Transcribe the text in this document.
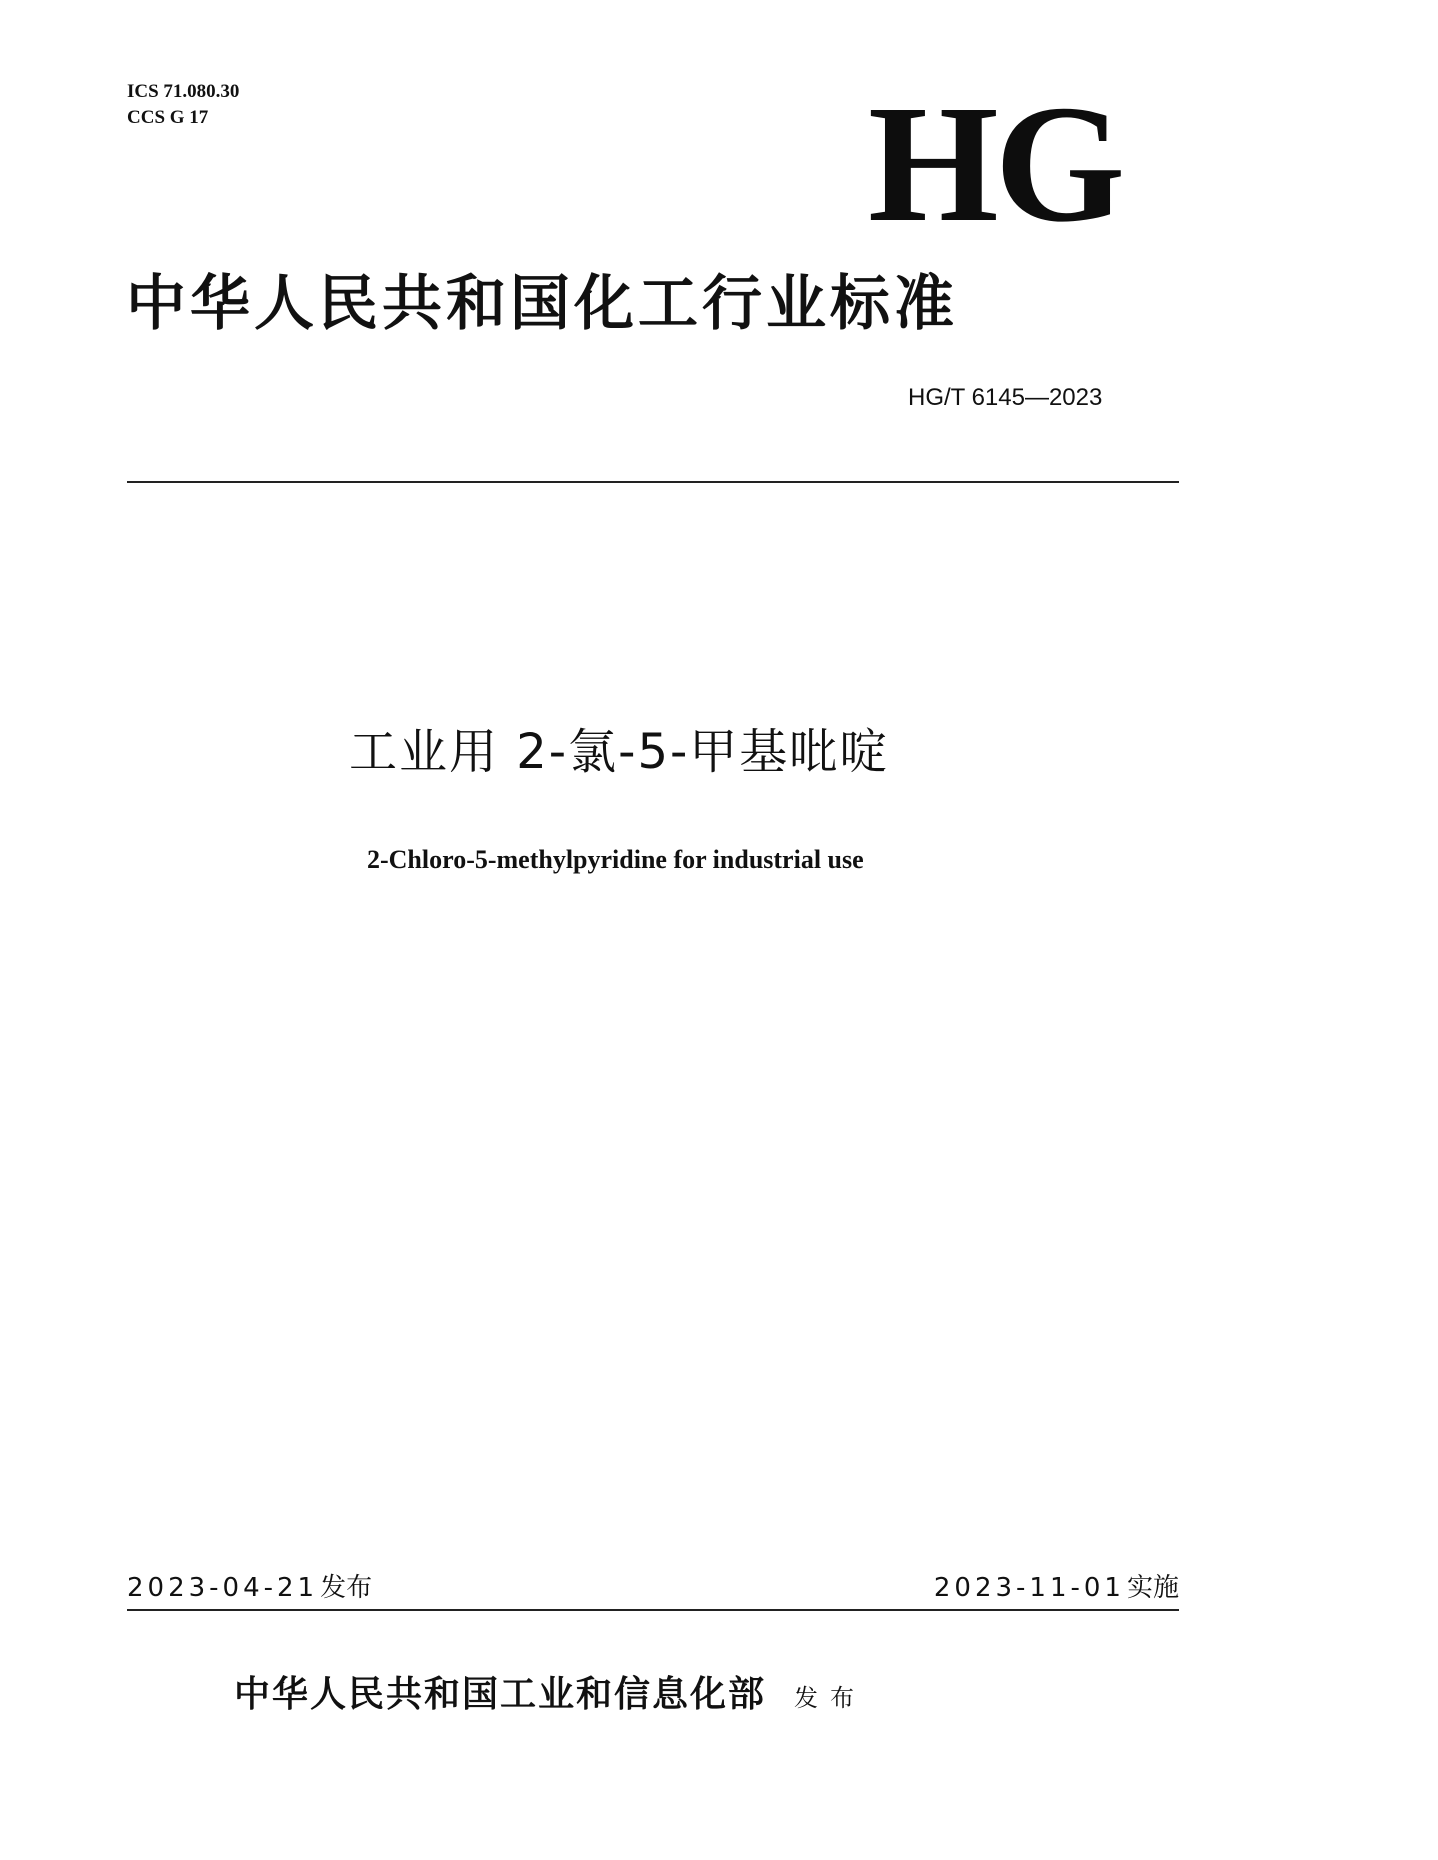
ICS 71.080.30
CCS G 17	HG
中华人民共和国化工行业标准
HG/T 6145—2023
工业用 2-氯-5-甲基吡啶
2-Chloro-5-methylpyridine for industrial use
2023-04-21发布	2023-11-01实施
中华人民共和国工业和信息化部 发布
